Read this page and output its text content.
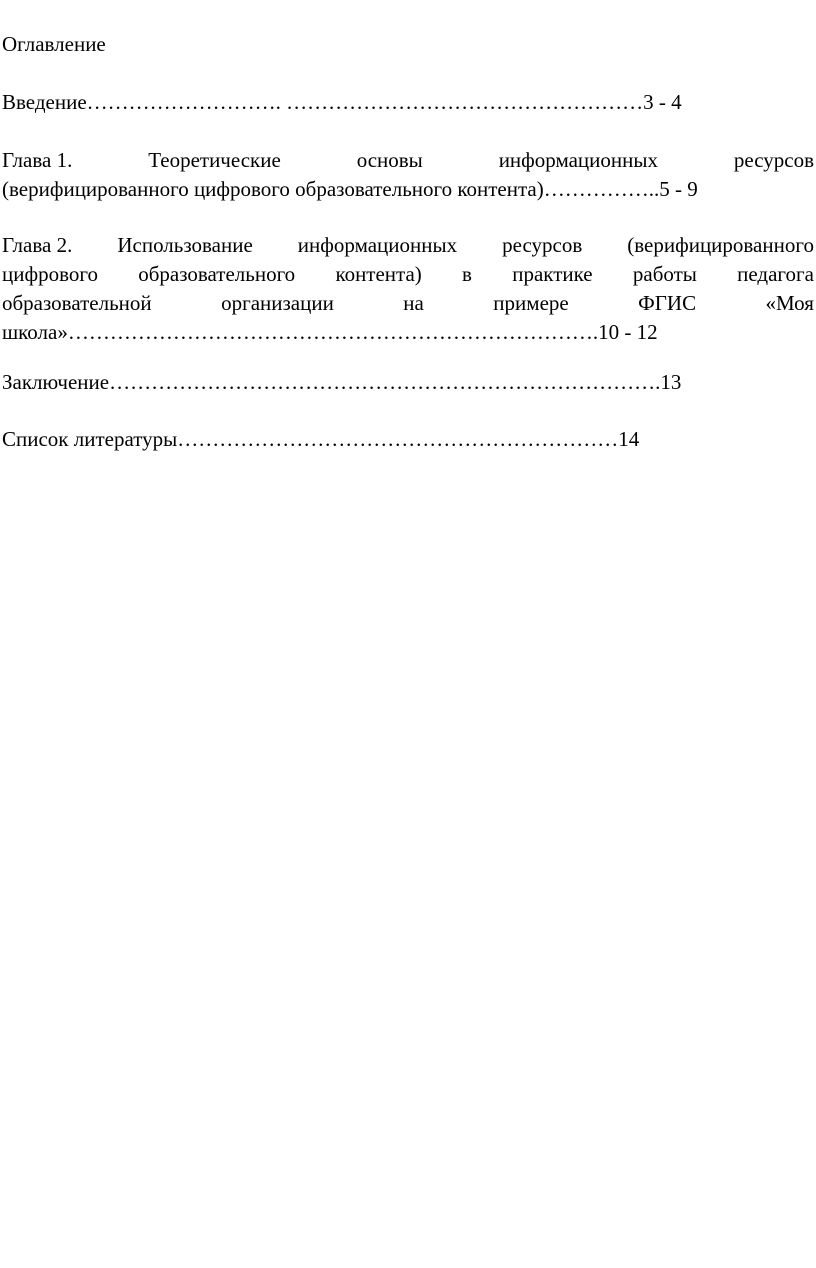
Оглавление
Введение………………………. ……………………………………………3 - 4
Глава 1.	Теоретические	основы	информационных	ресурсов
(верифицированного цифрового образовательного контента)……………..5 - 9
Глава 2. Использование информационных ресурсов (верифицированного
цифрового образовательного контента) в практике работы педагога
образовательной	организации	на	примере	ФГИС	«Моя
школа»………………………………………………………………….10 - 12
Заключение…………………………………………………………………….13
Список литературы………………………………………………………14
